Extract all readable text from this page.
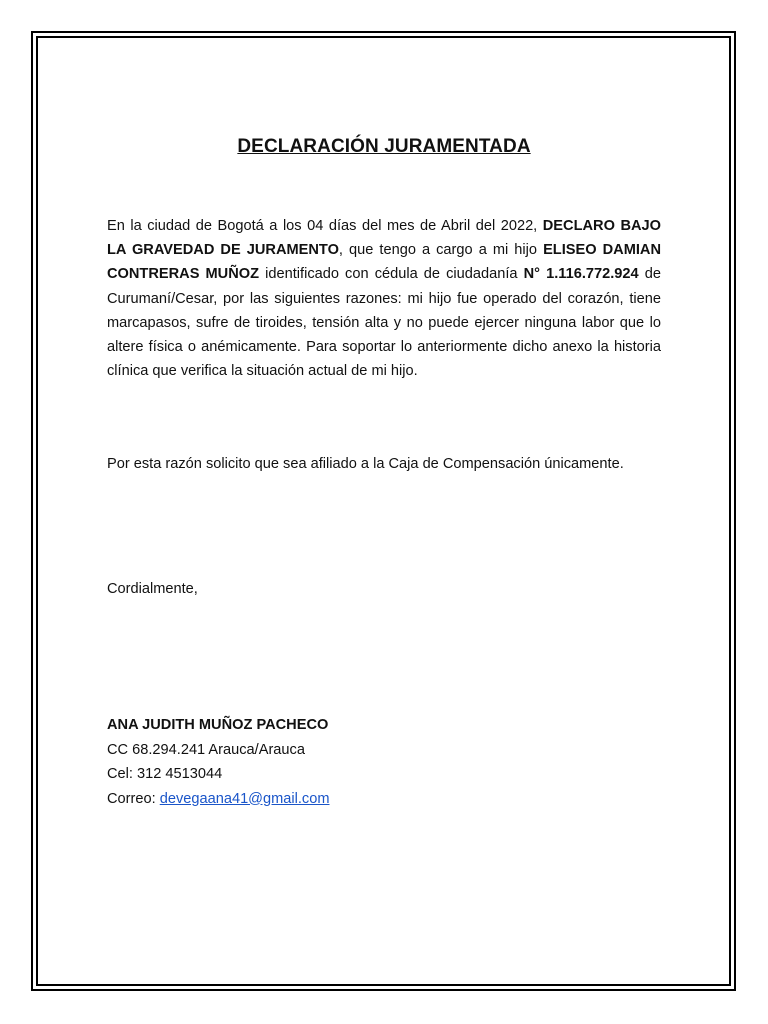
DECLARACIÓN JURAMENTADA

En la ciudad de Bogotá a los 04 días del mes de Abril del 2022, DECLARO BAJO LA GRAVEDAD DE JURAMENTO, que tengo a cargo a mi hijo ELISEO DAMIAN CONTRERAS MUÑOZ identificado con cédula de ciudadanía N° 1.116.772.924 de Curumaní/Cesar, por las siguientes razones: mi hijo fue operado del corazón, tiene marcapasos, sufre de tiroides, tensión alta y no puede ejercer ninguna labor que lo altere física o anémicamente. Para soportar lo anteriormente dicho anexo la historia clínica que verifica la situación actual de mi hijo.

Por esta razón solicito que sea afiliado a la Caja de Compensación únicamente.

Cordialmente,
ANA JUDITH MUÑOZ PACHECO
CC 68.294.241 Arauca/Arauca
Cel: 312 4513044
Correo: devegaana41@gmail.com
